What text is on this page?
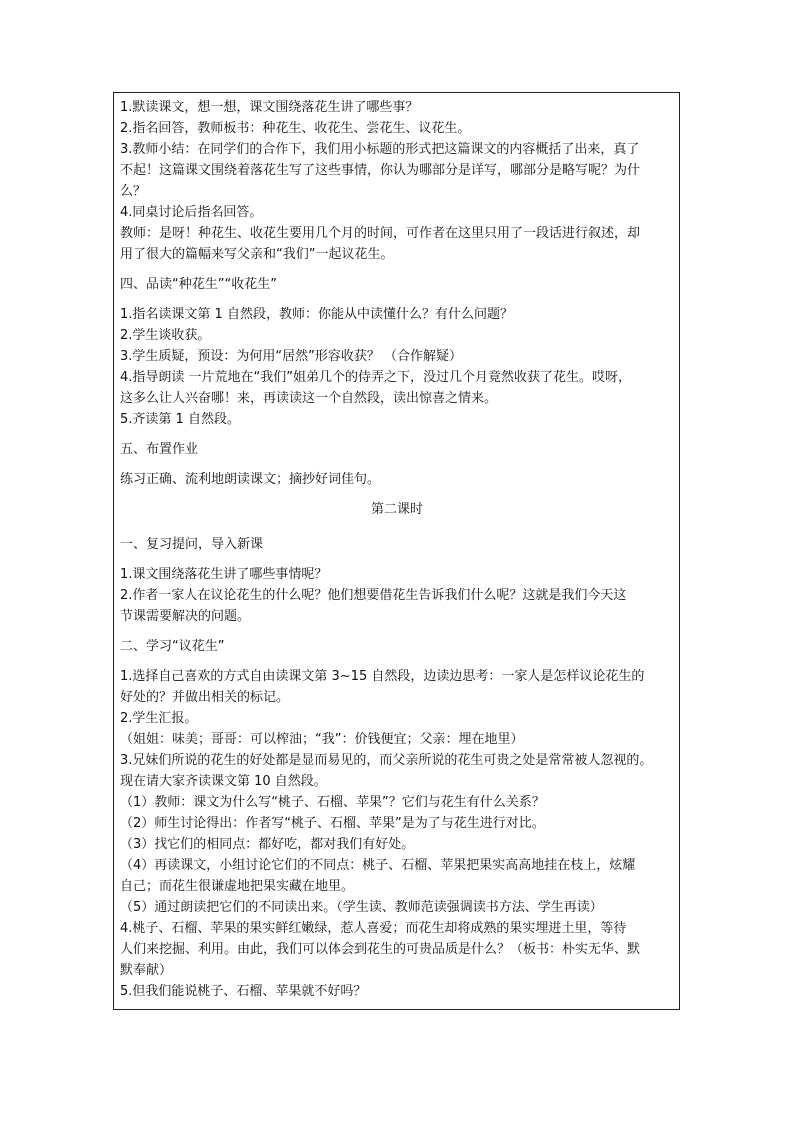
1.默读课文，想一想，课文围绕落花生讲了哪些事？

2.指名回答，教师板书：种花生、收花生、尝花生、议花生。

3.教师小结：在同学们的合作下，我们用小标题的形式把这篇课文的内容概括了出来，真了

不起！这篇课文围绕着落花生写了这些事情，你认为哪部分是详写，哪部分是略写呢？为什

么？

4.同桌讨论后指名回答。

教师：是呀！种花生、收花生要用几个月的时间，可作者在这里只用了一段话进行叙述，却

用了很大的篇幅来写父亲和“我们”一起议花生。

四、品读“种花生”“收花生”

1.指名读课文第 1 自然段，教师：你能从中读懂什么？有什么问题？

2.学生谈收获。

3.学生质疑，预设：为何用“居然”形容收获？ （合作解疑）

4.指导朗读 一片荒地在“我们”姐弟几个的侍弄之下，没过几个月竟然收获了花生。哎呀，

这多么让人兴奋哪！来，再读读这一个自然段，读出惊喜之情来。

5.齐读第 1 自然段。

五、布置作业

练习正确、流利地朗读课文；摘抄好词佳句。

第二课时

一、复习提问，导入新课

1.课文围绕落花生讲了哪些事情呢？

2.作者一家人在议论花生的什么呢？他们想要借花生告诉我们什么呢？这就是我们今天这

节课需要解决的问题。

二、学习“议花生”

1.选择自己喜欢的方式自由读课文第 3~15 自然段，边读边思考：一家人是怎样议论花生的

好处的？并做出相关的标记。

2.学生汇报。

（姐姐：味美；哥哥：可以榨油；“我”：价钱便宜；父亲：埋在地里）

3.兄妹们所说的花生的好处都是显而易见的，而父亲所说的花生可贵之处是常常被人忽视的。

现在请大家齐读课文第 10 自然段。

（1）教师：课文为什么写“桃子、石榴、苹果”？它们与花生有什么关系？

（2）师生讨论得出：作者写“桃子、石榴、苹果”是为了与花生进行对比。

（3）找它们的相同点：都好吃，都对我们有好处。

（4）再读课文，小组讨论它们的不同点：桃子、石榴、苹果把果实高高地挂在枝上，炫耀

自己；而花生很谦虚地把果实藏在地里。

（5）通过朗读把它们的不同读出来。（学生读、教师范读强调读书方法、学生再读）

4.桃子、石榴、苹果的果实鲜红嫩绿，惹人喜爱；而花生却将成熟的果实埋进土里，等待

人们来挖掘、利用。由此，我们可以体会到花生的可贵品质是什么？（板书：朴实无华、默

默奉献）

5.但我们能说桃子、石榴、苹果就不好吗？
